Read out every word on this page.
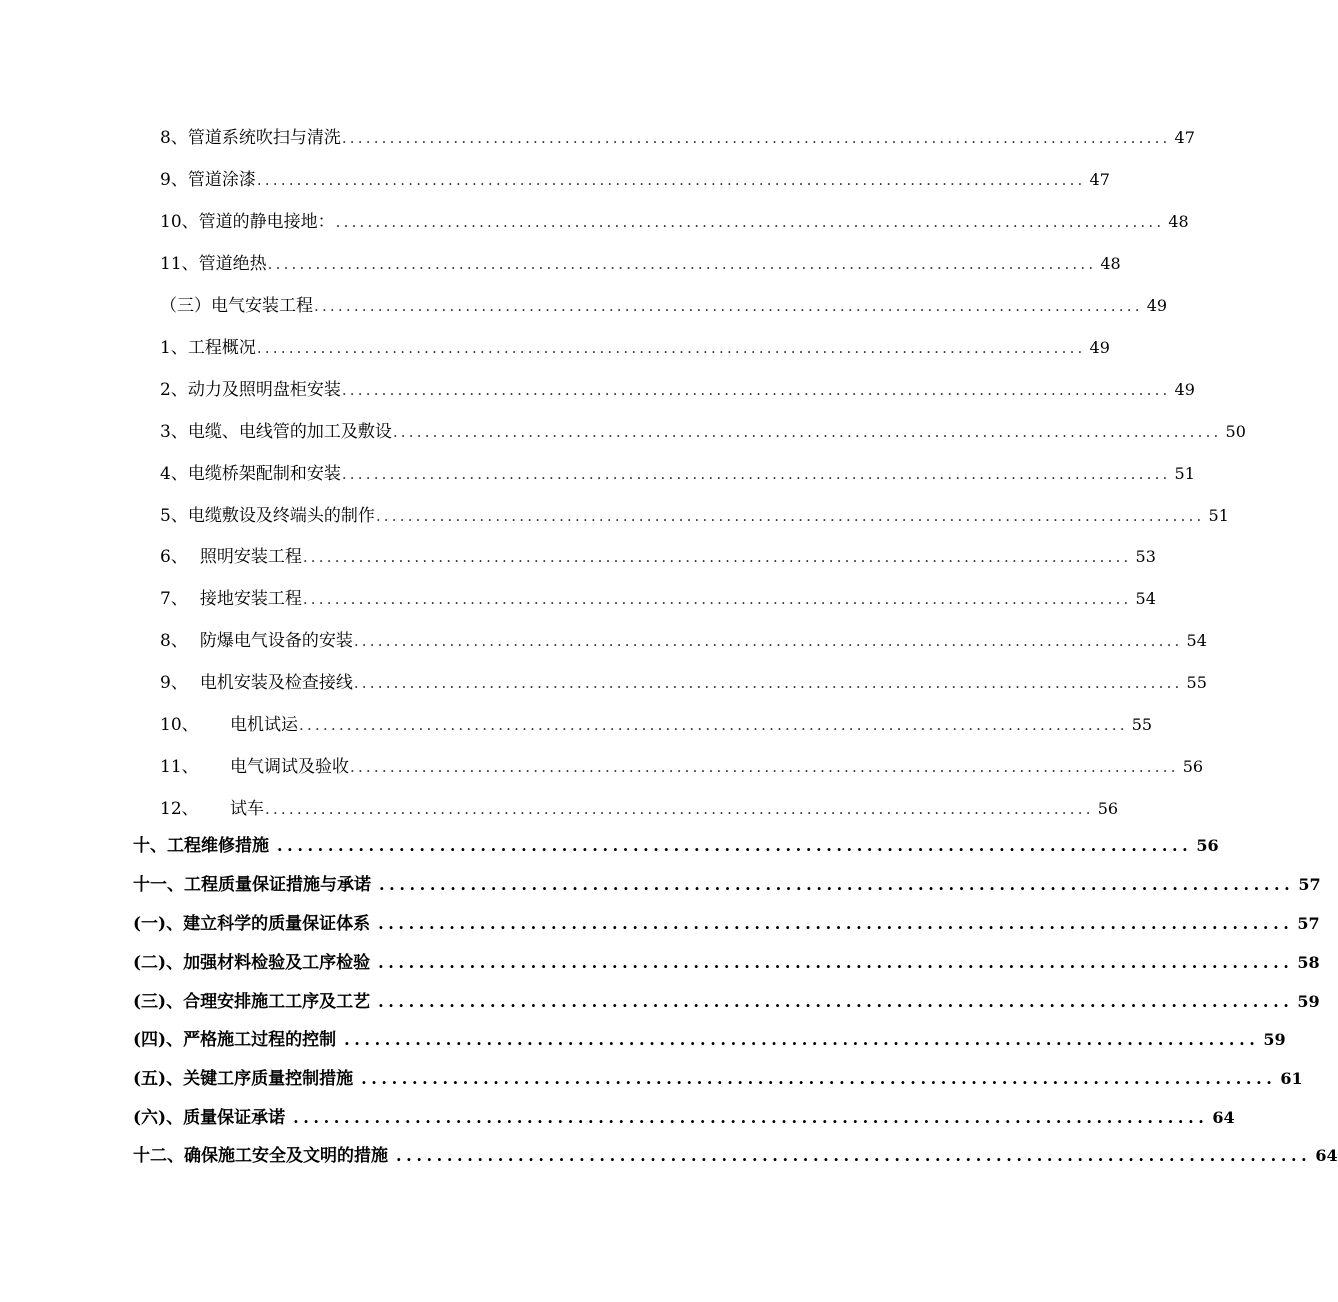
8、管道系统吹扫与清洗 ........................................................................................................ 47
9、管道涂漆 ........................................................................................................ 47
10、管道的静电接地： ........................................................................................................ 48
11、管道绝热 ........................................................................................................ 48
（三）电气安装工程 ........................................................................................................ 49
1、工程概况 ........................................................................................................ 49
2、动力及照明盘柜安装 ........................................................................................................ 49
3、电缆、电线管的加工及敷设 ........................................................................................................ 50
4、电缆桥架配制和安装 ........................................................................................................ 51
5、电缆敷设及终端头的制作 ........................................................................................................ 51
6、 照明安装工程 ........................................................................................................ 53
7、 接地安装工程 ........................................................................................................ 54
8、 防爆电气设备的安装 ........................................................................................................ 54
9、 电机安装及检查接线 ........................................................................................................ 55
10、 电机试运 ........................................................................................................ 55
11、 电气调试及验收 ........................................................................................................ 56
12、 试车 ........................................................................................................ 56
十、工程维修措施 .......................................................................................... 56
十一、工程质量保证措施与承诺 .......................................................................................... 57
(一)、建立科学的质量保证体系 .......................................................................................... 57
(二)、加强材料检验及工序检验 .......................................................................................... 58
(三)、合理安排施工工序及工艺 .......................................................................................... 59
(四)、严格施工过程的控制 .......................................................................................... 59
(五)、关键工序质量控制措施 .......................................................................................... 61
(六)、质量保证承诺 .......................................................................................... 64
十二、确保施工安全及文明的措施 .......................................................................................... 64
